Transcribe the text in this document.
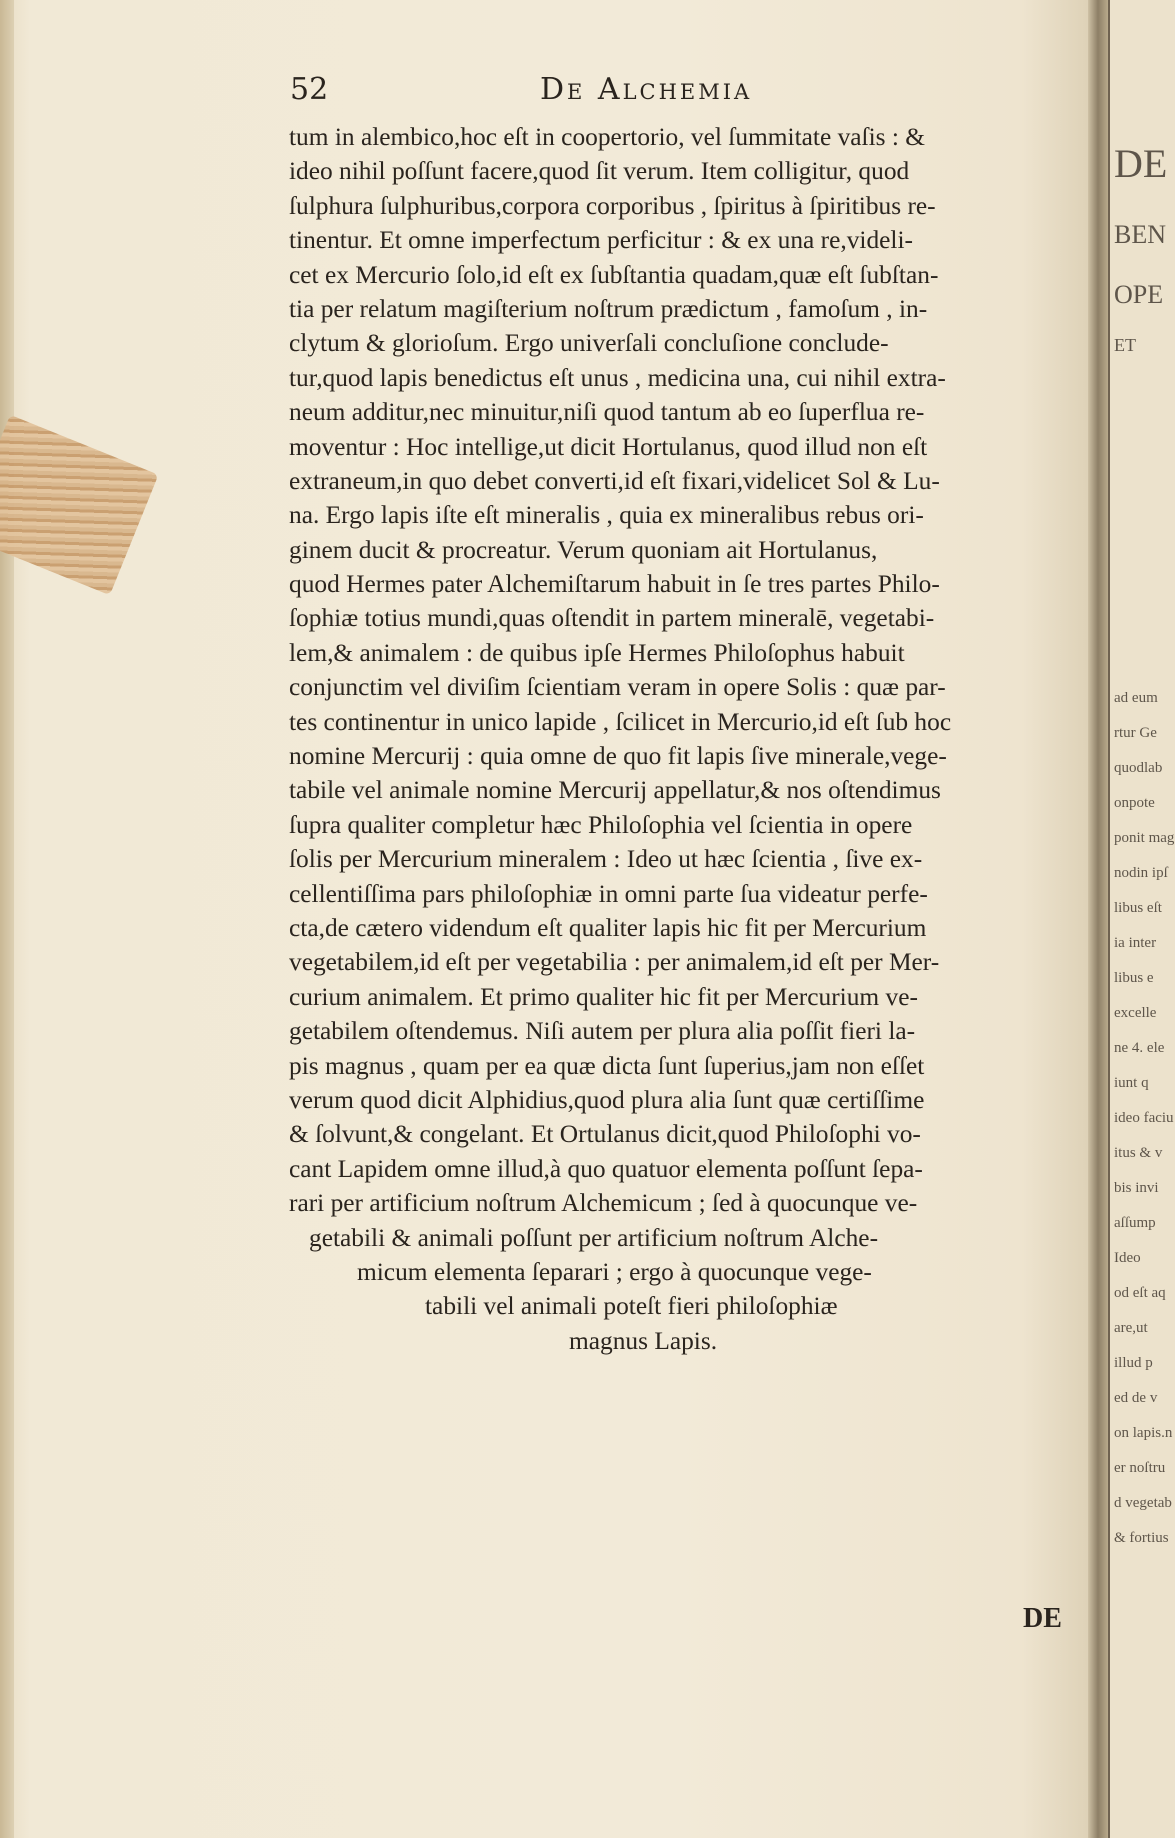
DE
BEN
OPE
ET
ad eum
rtur Ge
quodlab
onpote
ponit mag
nodin ipſ
libus eſt
ia inter
libus e
excelle
ne 4. ele
iunt q
ideo faciu
itus & v
bis invi
aſſump
Ideo
od eſt aq
are,ut
illud p
ed de v
on lapis.n
er noſtru
d vegetab
& fortius
52	De Alchemia
tum in alembico,hoc eſt in coopertorio, vel ſummitate vaſis : &
ideo nihil poſſunt facere,quod ſit verum. Item colligitur, quod
ſulphura ſulphuribus,corpora corporibus , ſpiritus à ſpiritibus re-
tinentur. Et omne imperfectum perficitur : & ex una re,videli-
cet ex Mercurio ſolo,id eſt ex ſubſtantia quadam,quæ eſt ſubſtan-
tia per relatum magiſterium noſtrum prædictum , famoſum , in-
clytum & glorioſum. Ergo univerſali concluſione conclude-
tur,quod lapis benedictus eſt unus , medicina una, cui nihil extra-
neum additur,nec minuitur,niſi quod tantum ab eo ſuperflua re-
moventur : Hoc intellige,ut dicit Hortulanus, quod illud non eſt
extraneum,in quo debet converti,id eſt fixari,videlicet Sol & Lu-
na. Ergo lapis iſte eſt mineralis , quia ex mineralibus rebus ori-
ginem ducit & procreatur. Verum quoniam ait Hortulanus,
quod Hermes pater Alchemiſtarum habuit in ſe tres partes Philo-
ſophiæ totius mundi,quas oſtendit in partem mineralē, vegetabi-
lem,& animalem : de quibus ipſe Hermes Philoſophus habuit
conjunctim vel diviſim ſcientiam veram in opere Solis : quæ par-
tes continentur in unico lapide , ſcilicet in Mercurio,id eſt ſub hoc
nomine Mercurij : quia omne de quo fit lapis ſive minerale,vege-
tabile vel animale nomine Mercurij appellatur,& nos oſtendimus
ſupra qualiter completur hæc Philoſophia vel ſcientia in opere
ſolis per Mercurium mineralem : Ideo ut hæc ſcientia , ſive ex-
cellentiſſima pars philoſophiæ in omni parte ſua videatur perfe-
cta,de cætero videndum eſt qualiter lapis hic fit per Mercurium
vegetabilem,id eſt per vegetabilia : per animalem,id eſt per Mer-
curium animalem. Et primo qualiter hic fit per Mercurium ve-
getabilem oſtendemus. Niſi autem per plura alia poſſit fieri la-
pis magnus , quam per ea quæ dicta ſunt ſuperius,jam non eſſet
verum quod dicit Alphidius,quod plura alia ſunt quæ certiſſime
& ſolvunt,& congelant. Et Ortulanus dicit,quod Philoſophi vo-
cant Lapidem omne illud,à quo quatuor elementa poſſunt ſepa-
rari per artificium noſtrum Alchemicum ; ſed à quocunque ve-
getabili & animali poſſunt per artificium noſtrum Alche-
micum elementa ſeparari ; ergo à quocunque vege-
tabili vel animali poteſt fieri philoſophiæ
magnus Lapis.
DE
